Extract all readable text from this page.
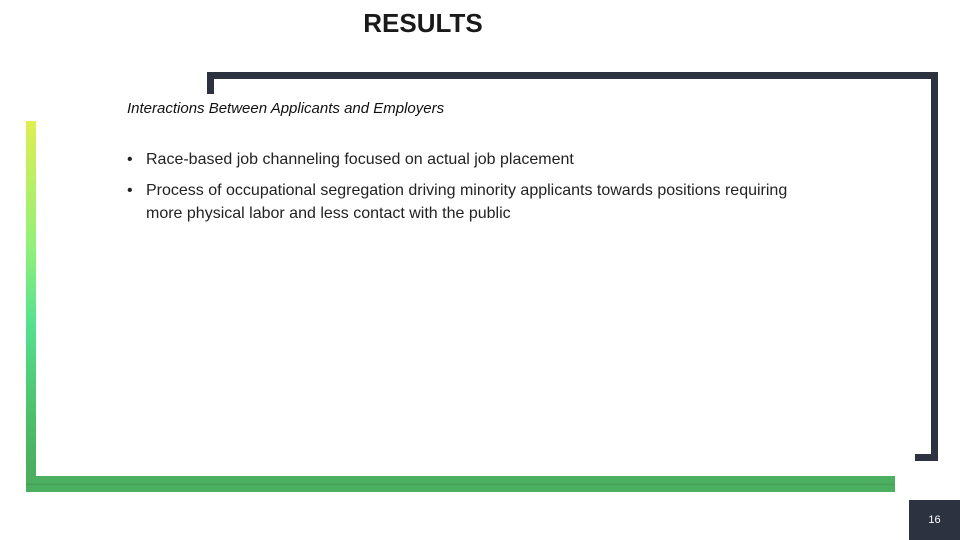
RESULTS
Interactions Between Applicants and Employers
• Race-based job channeling focused on actual job placement
• Process of occupational segregation driving minority applicants towards positions requiring more physical labor and less contact with the public
16
